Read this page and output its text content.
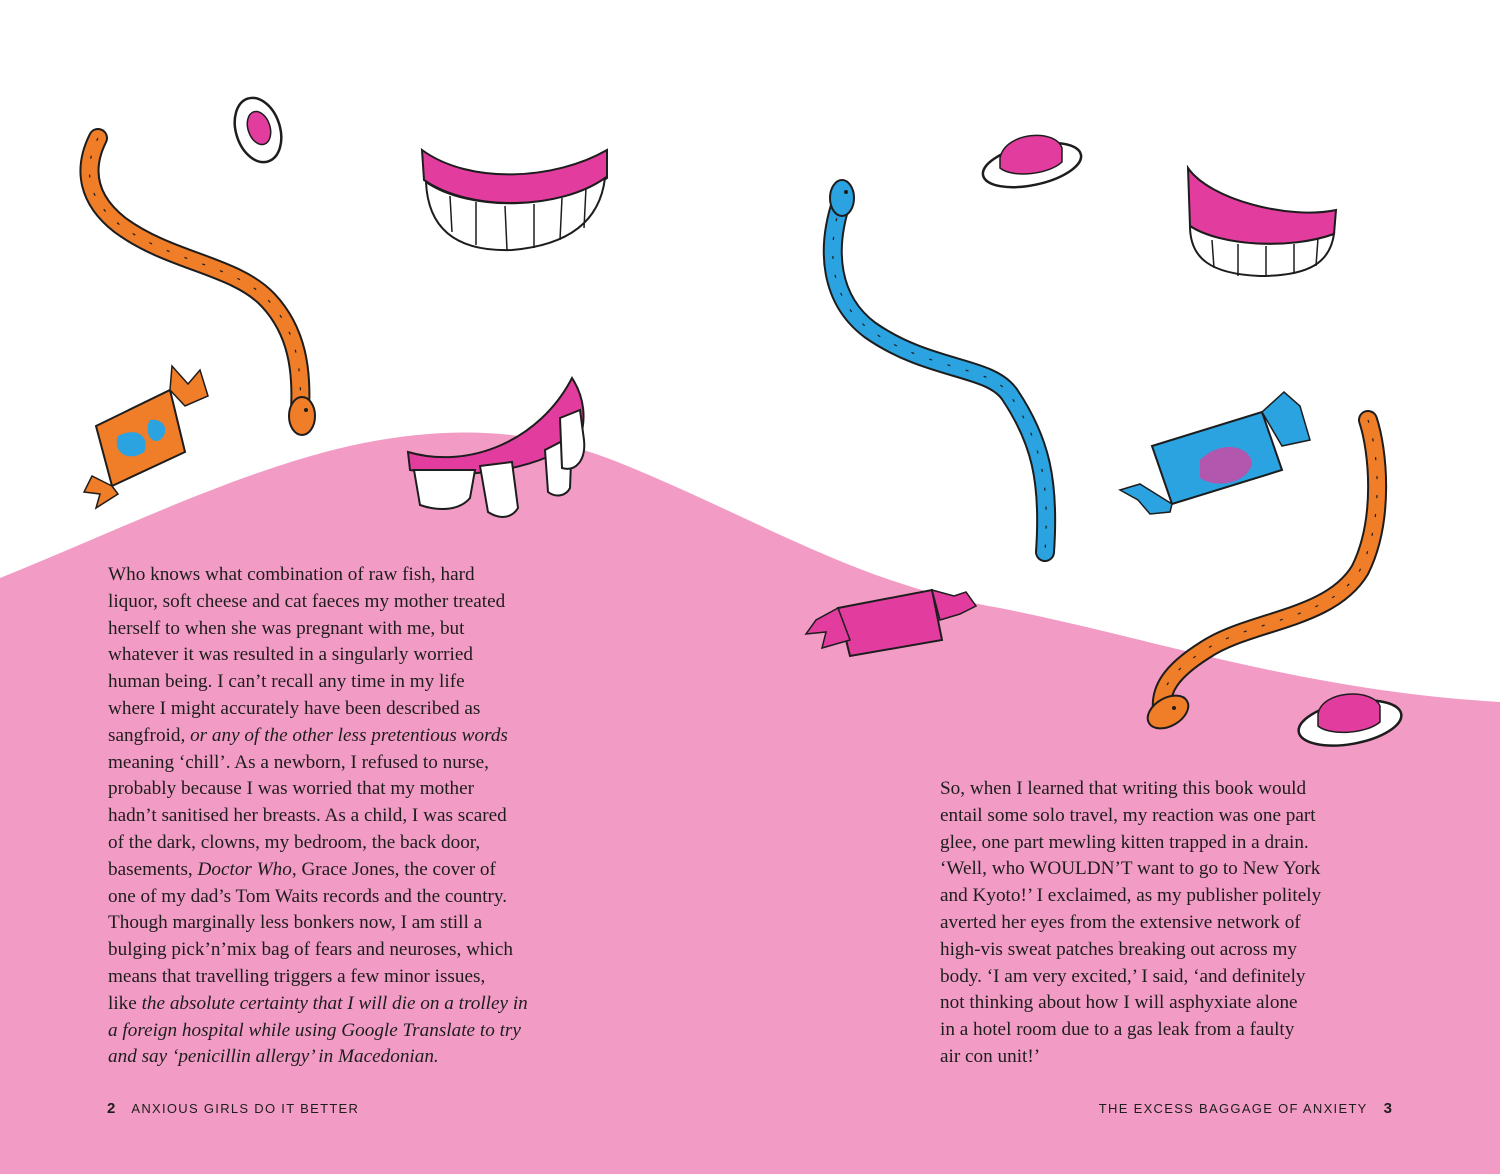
Who knows what combination of raw fish, hard
liquor, soft cheese and cat faeces my mother treated
herself to when she was pregnant with me, but
whatever it was resulted in a singularly worried
human being. I can’t recall any time in my life
where I might accurately have been described as
sangfroid, or any of the other less pretentious words
meaning ‘chill’. As a newborn, I refused to nurse,
probably because I was worried that my mother
hadn’t sanitised her breasts. As a child, I was scared
of the dark, clowns, my bedroom, the back door,
basements, Doctor Who, Grace Jones, the cover of
one of my dad’s Tom Waits records and the country.
Though marginally less bonkers now, I am still a
bulging pick’n’mix bag of fears and neuroses, which
means that travelling triggers a few minor issues,
like the absolute certainty that I will die on a trolley in
a foreign hospital while using Google Translate to try
and say ‘penicillin allergy’ in Macedonian.
So, when I learned that writing this book would
entail some solo travel, my reaction was one part
glee, one part mewling kitten trapped in a drain.
‘Well, who WOULDN’T want to go to New York
and Kyoto!’ I exclaimed, as my publisher politely
averted her eyes from the extensive network of
high-vis sweat patches breaking out across my
body. ‘I am very excited,’ I said, ‘and definitely
not thinking about how I will asphyxiate alone
in a hotel room due to a gas leak from a faulty
air con unit!’
2 ANXIOUS GIRLS DO IT BETTER	THE EXCESS BAGGAGE OF ANXIETY 3
